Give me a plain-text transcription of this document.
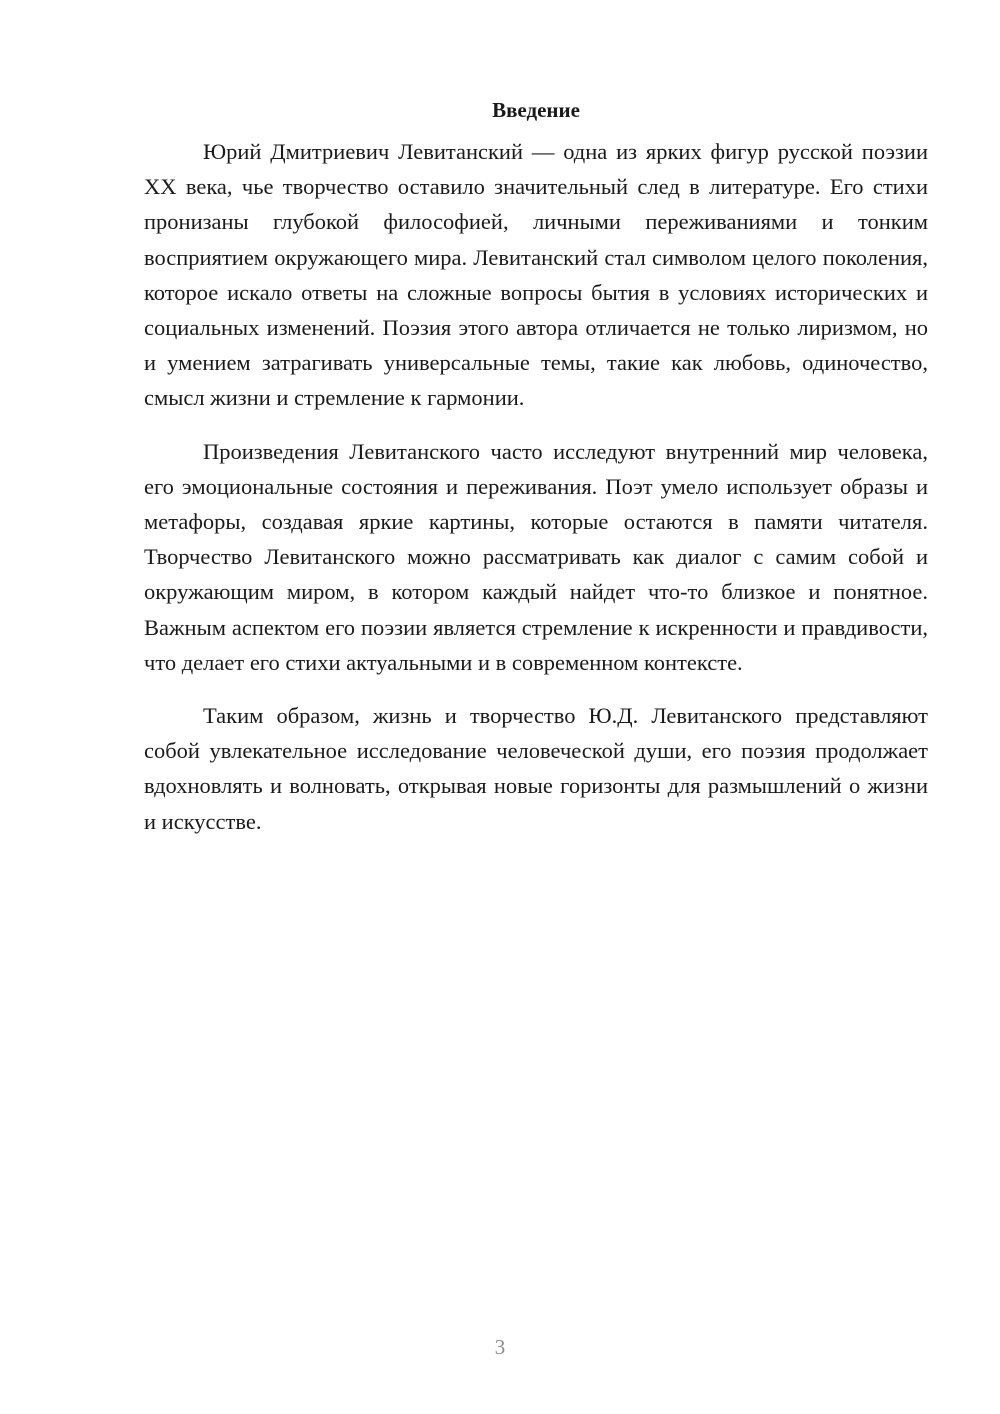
Введение

Юрий Дмитриевич Левитанский — одна из ярких фигур русской поэзии XX века, чье творчество оставило значительный след в литературе. Его стихи пронизаны глубокой философией, личными переживаниями и тонким восприятием окружающего мира. Левитанский стал символом целого поколения, которое искало ответы на сложные вопросы бытия в условиях исторических и социальных изменений. Поэзия этого автора отличается не только лиризмом, но и умением затрагивать универсальные темы, такие как любовь, одиночество, смысл жизни и стремление к гармонии.

Произведения Левитанского часто исследуют внутренний мир человека, его эмоциональные состояния и переживания. Поэт умело использует образы и метафоры, создавая яркие картины, которые остаются в памяти читателя. Творчество Левитанского можно рассматривать как диалог с самим собой и окружающим миром, в котором каждый найдет что-то близкое и понятное. Важным аспектом его поэзии является стремление к искренности и правдивости, что делает его стихи актуальными и в современном контексте.

Таким образом, жизнь и творчество Ю.Д. Левитанского представляют собой увлекательное исследование человеческой души, его поэзия продолжает вдохновлять и волновать, открывая новые горизонты для размышлений о жизни и искусстве.

3
